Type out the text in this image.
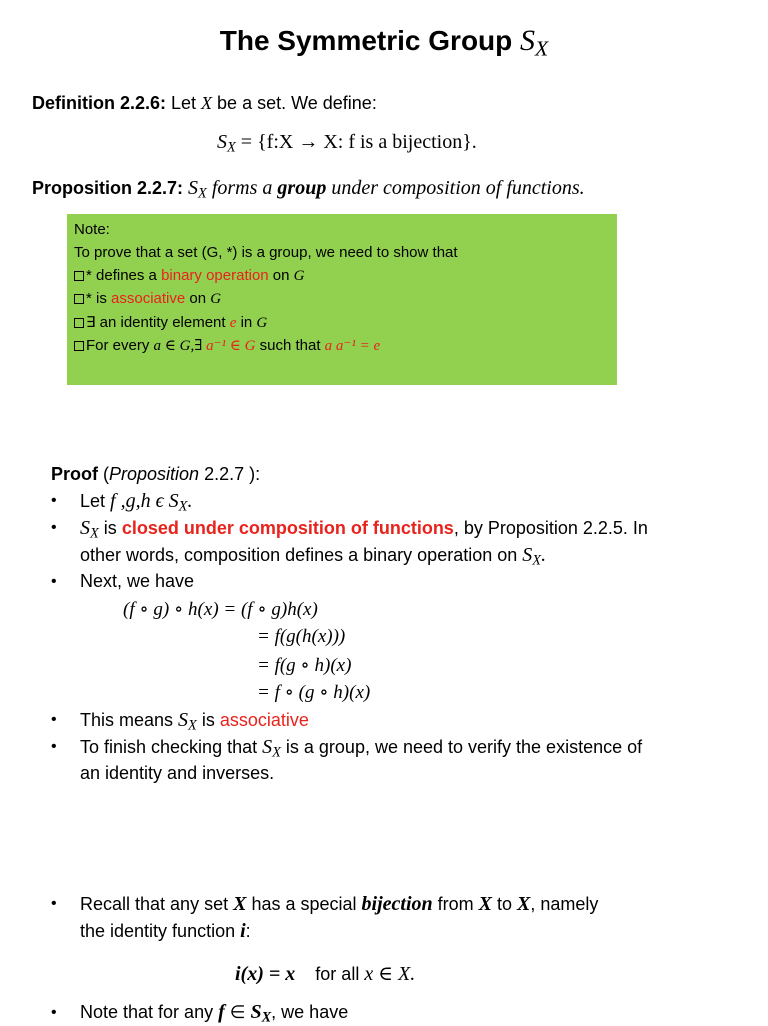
The Symmetric Group $S_X$
Definition 2.2.6: Let X be a set. We define:
$S_X$ = {f:X → X: f is a bijection}.
Proposition 2.2.7: $S_X$ forms a group under composition of functions.
Note:
To prove that a set (G, *) is a group, we need to show that
* defines a binary operation on G
* is associative on G
∃ an identity element e in G
For every a ∈ G,∃ a⁻¹ ∈ G such that a a⁻¹ = e
Proof (Proposition 2.2.7 ):
• Let f ,g,h ϵ $S_X$.
• $S_X$ is closed under composition of functions, by Proposition 2.2.5. In
other words, composition defines a binary operation on $S_X$.
• Next, we have
(f ∘ g) ∘ h(x) = (f ∘ g)h(x)
= f(g(h(x)))
= f(g ∘ h)(x)
= f ∘ (g ∘ h)(x)
• This means $S_X$ is associative
• To finish checking that $S_X$ is a group, we need to verify the existence of
an identity and inverses.
• Recall that any set X has a special bijection from X to X, namely
the identity function i:
i(x) = x for all x ∈ X.
• Note that for any f ∈ $S_X$, we have
